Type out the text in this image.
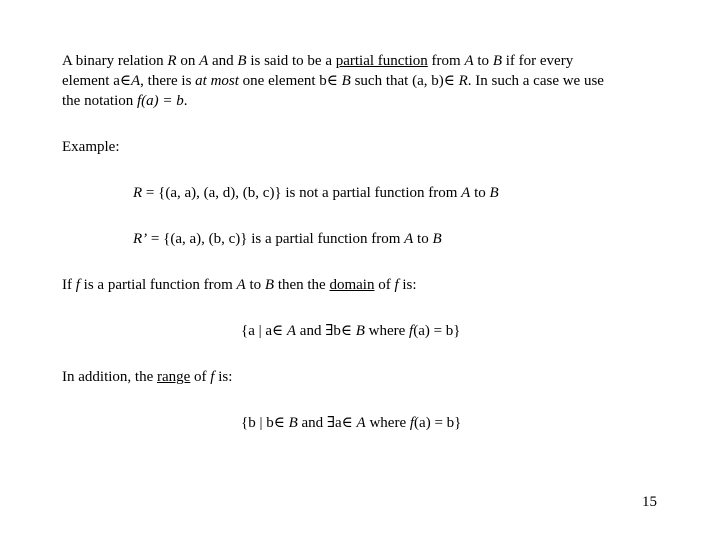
A binary relation R on A and B is said to be a partial function from A to B if for every
element a∈A, there is at most one element b∈ B such that (a, b)∈ R. In such a case we use
the notation f(a) = b.
Example:
R = {(a, a), (a, d), (b, c)} is not a partial function from A to B
R’ = {(a, a), (b, c)} is a partial function from A to B
If f is a partial function from A to B then the domain of f is:
{a | a∈ A and ∃b∈ B where f(a) = b}
In addition, the range of f is:
{b | b∈ B and ∃a∈ A where f(a) = b}
15
